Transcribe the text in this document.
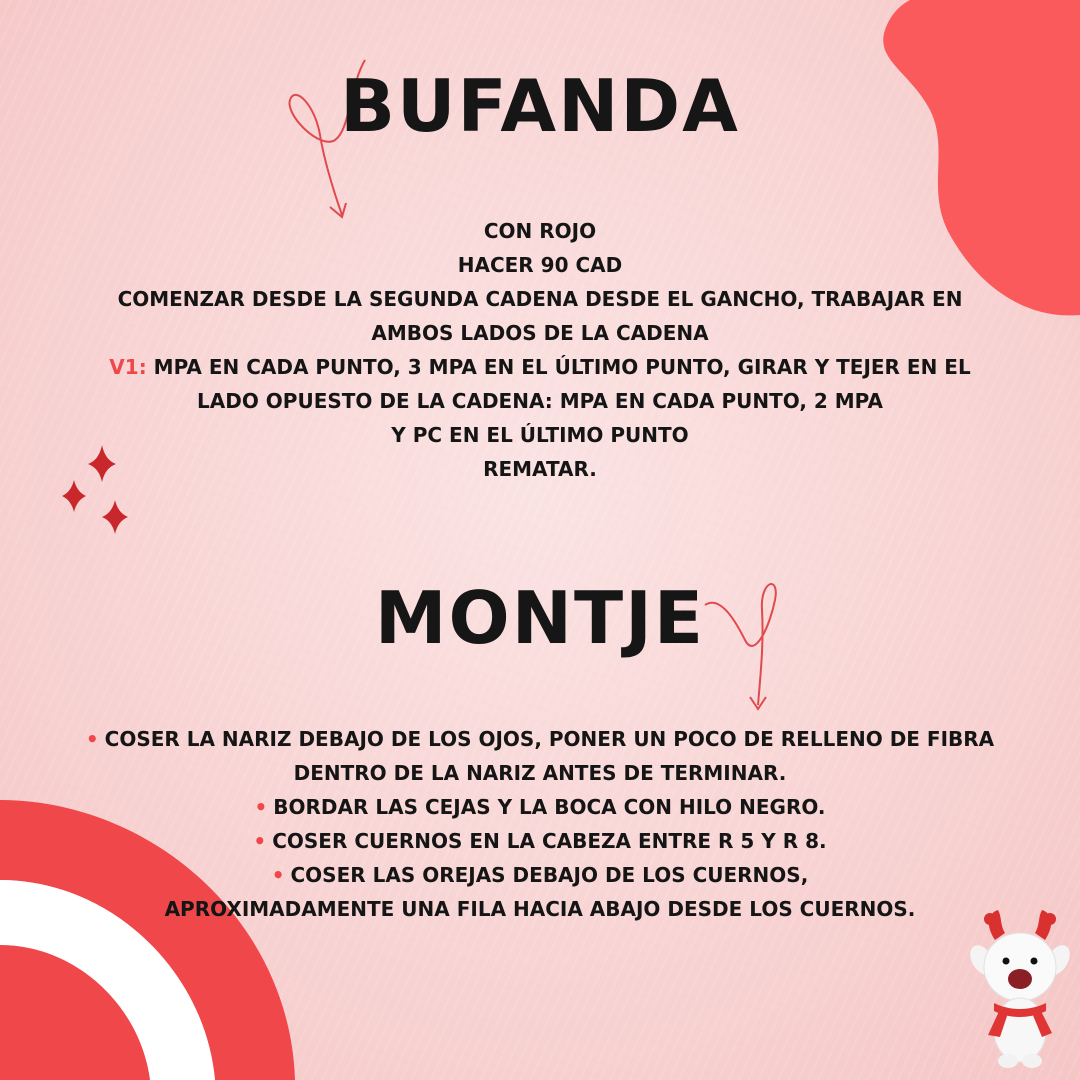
BUFANDA
CON ROJO
HACER 90 CAD
COMENZAR DESDE LA SEGUNDA CADENA DESDE EL GANCHO, TRABAJAR EN
AMBOS LADOS DE LA CADENA
V1: MPA EN CADA PUNTO, 3 MPA EN EL ÚLTIMO PUNTO, GIRAR Y TEJER EN EL
LADO OPUESTO DE LA CADENA: MPA EN CADA PUNTO, 2 MPA
Y PC EN EL ÚLTIMO PUNTO
REMATAR.
MONTJE
• COSER LA NARIZ DEBAJO DE LOS OJOS, PONER UN POCO DE RELLENO DE FIBRA
DENTRO DE LA NARIZ ANTES DE TERMINAR.
• BORDAR LAS CEJAS Y LA BOCA CON HILO NEGRO.
• COSER CUERNOS EN LA CABEZA ENTRE R 5 Y R 8.
• COSER LAS OREJAS DEBAJO DE LOS CUERNOS,
APROXIMADAMENTE UNA FILA HACIA ABAJO DESDE LOS CUERNOS.
